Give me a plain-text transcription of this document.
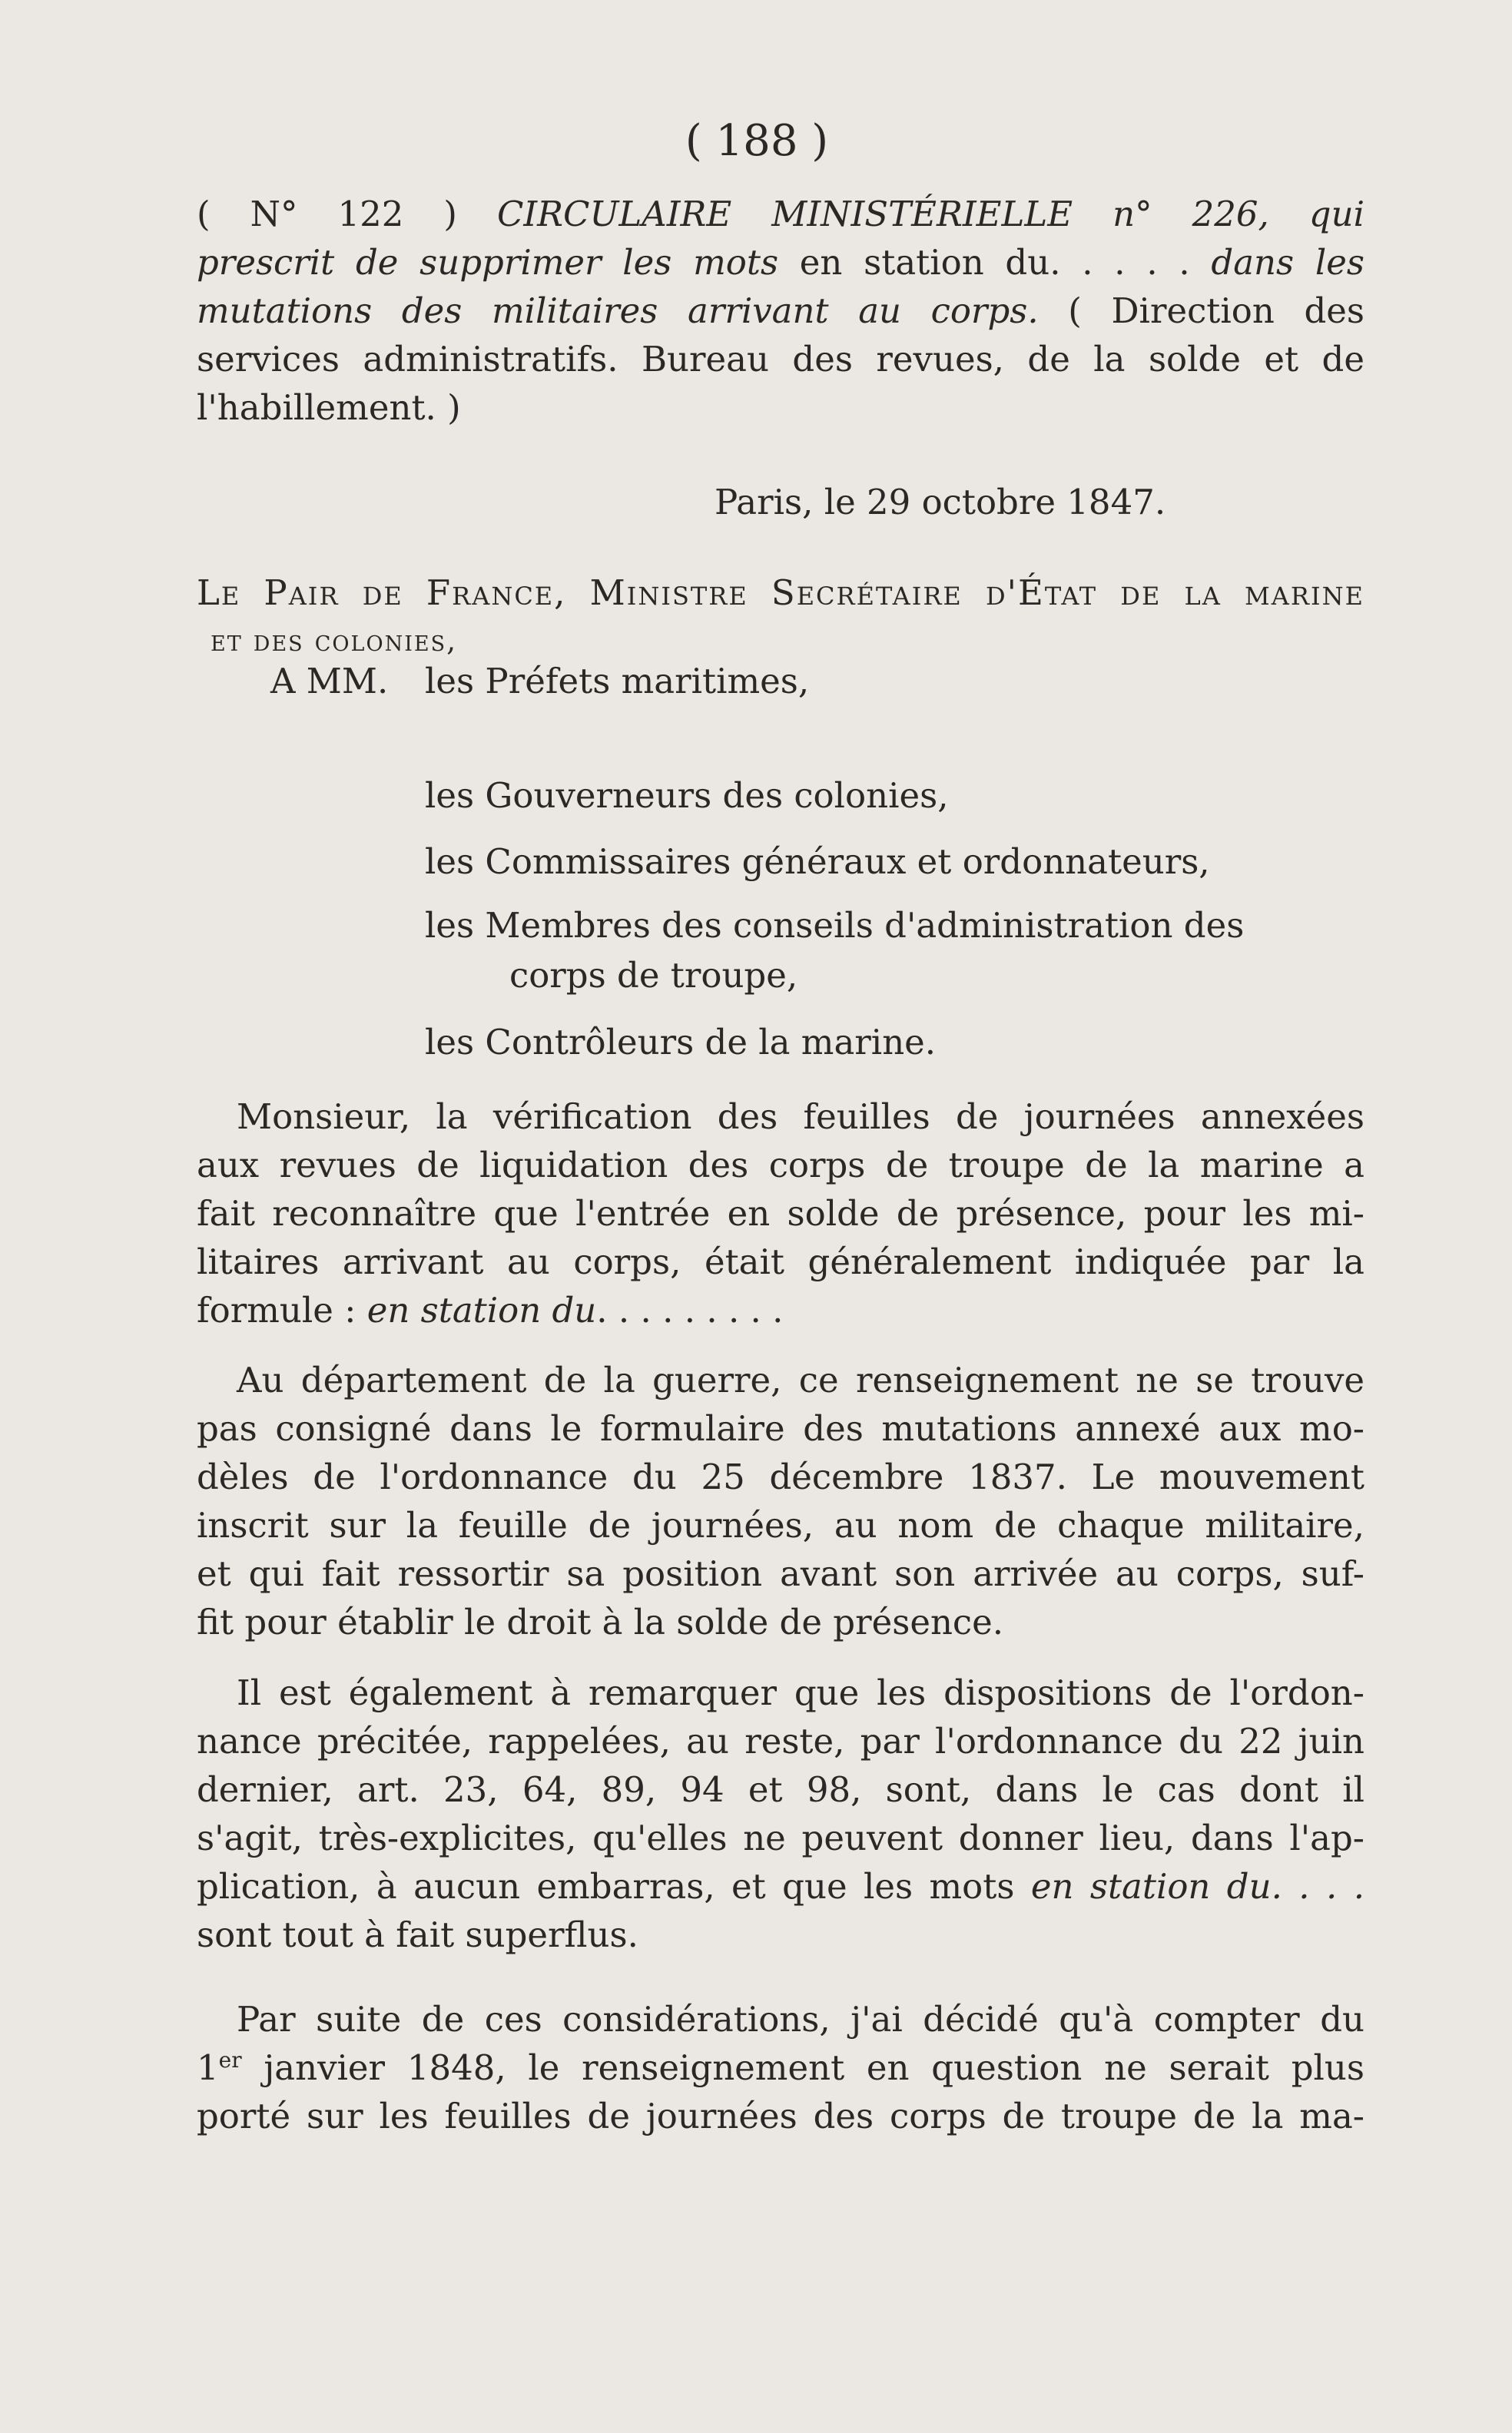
( 188 )
( N° 122 ) CIRCULAIRE MINISTÉRIELLE n° 226, qui
prescrit de supprimer les mots en station du. . . . . dans les
mutations des militaires arrivant au corps. ( Direction des
services administratifs. Bureau des revues, de la solde et de
l'habillement. )
Paris, le 29 octobre 1847.
Le Pair de France, Ministre Secrétaire d'État de la marine
et des colonies,
A MM. les Préfets maritimes,
les Gouverneurs des colonies,
les Commissaires généraux et ordonnateurs,
les Membres des conseils d'administration des
corps de troupe,
les Contrôleurs de la marine.
Monsieur, la vérification des feuilles de journées annexées
aux revues de liquidation des corps de troupe de la marine a
fait reconnaître que l'entrée en solde de présence, pour les mi-
litaires arrivant au corps, était généralement indiquée par la
formule : en station du. . . . . . . . .
Au département de la guerre, ce renseignement ne se trouve
pas consigné dans le formulaire des mutations annexé aux mo-
dèles de l'ordonnance du 25 décembre 1837. Le mouvement
inscrit sur la feuille de journées, au nom de chaque militaire,
et qui fait ressortir sa position avant son arrivée au corps, suf-
fit pour établir le droit à la solde de présence.
Il est également à remarquer que les dispositions de l'ordon-
nance précitée, rappelées, au reste, par l'ordonnance du 22 juin
dernier, art. 23, 64, 89, 94 et 98, sont, dans le cas dont il
s'agit, très-explicites, qu'elles ne peuvent donner lieu, dans l'ap-
plication, à aucun embarras, et que les mots en station du. . . .
sont tout à fait superflus.
Par suite de ces considérations, j'ai décidé qu'à compter du
1er janvier 1848, le renseignement en question ne serait plus
porté sur les feuilles de journées des corps de troupe de la ma-
